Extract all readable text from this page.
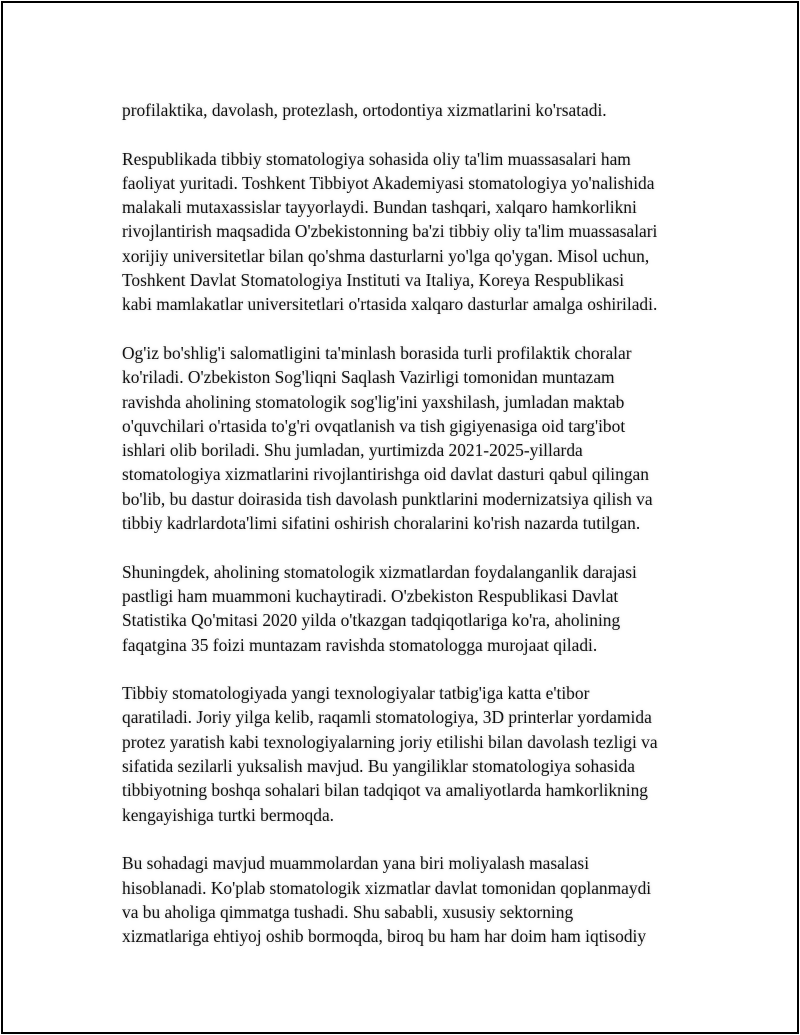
profilaktika, davolash, protezlash, ortodontiya xizmatlarini ko'rsatadi.

Respublikada tibbiy stomatologiya sohasida oliy ta'lim muassasalari ham
faoliyat yuritadi. Toshkent Tibbiyot Akademiyasi stomatologiya yo'nalishida
malakali mutaxassislar tayyorlaydi. Bundan tashqari, xalqaro hamkorlikni
rivojlantirish maqsadida O'zbekistonning ba'zi tibbiy oliy ta'lim muassasalari
xorijiy universitetlar bilan qo'shma dasturlarni yo'lga qo'ygan. Misol uchun,
Toshkent Davlat Stomatologiya Instituti va Italiya, Koreya Respublikasi
kabi mamlakatlar universitetlari o'rtasida xalqaro dasturlar amalga oshiriladi.

Og'iz bo'shlig'i salomatligini ta'minlash borasida turli profilaktik choralar
ko'riladi. O'zbekiston Sog'liqni Saqlash Vazirligi tomonidan muntazam
ravishda aholining stomatologik sog'lig'ini yaxshilash, jumladan maktab
o'quvchilari o'rtasida to'g'ri ovqatlanish va tish gigiyenasiga oid targ'ibot
ishlari olib boriladi. Shu jumladan, yurtimizda 2021-2025-yillarda
stomatologiya xizmatlarini rivojlantirishga oid davlat dasturi qabul qilingan
bo'lib, bu dastur doirasida tish davolash punktlarini modernizatsiya qilish va
tibbiy kadrlardota'limi sifatini oshirish choralarini ko'rish nazarda tutilgan.

Shuningdek, aholining stomatologik xizmatlardan foydalanganlik darajasi
pastligi ham muammoni kuchaytiradi. O'zbekiston Respublikasi Davlat
Statistika Qo'mitasi 2020 yilda o'tkazgan tadqiqotlariga ko'ra, aholining
faqatgina 35 foizi muntazam ravishda stomatologga murojaat qiladi.

Tibbiy stomatologiyada yangi texnologiyalar tatbig'iga katta e'tibor
qaratiladi. Joriy yilga kelib, raqamli stomatologiya, 3D printerlar yordamida
protez yaratish kabi texnologiyalarning joriy etilishi bilan davolash tezligi va
sifatida sezilarli yuksalish mavjud. Bu yangiliklar stomatologiya sohasida
tibbiyotning boshqa sohalari bilan tadqiqot va amaliyotlarda hamkorlikning
kengayishiga turtki bermoqda.

Bu sohadagi mavjud muammolardan yana biri moliyalash masalasi
hisoblanadi. Ko'plab stomatologik xizmatlar davlat tomonidan qoplanmaydi
va bu aholiga qimmatga tushadi. Shu sababli, xususiy sektorning
xizmatlariga ehtiyoj oshib bormoqda, biroq bu ham har doim ham iqtisodiy
